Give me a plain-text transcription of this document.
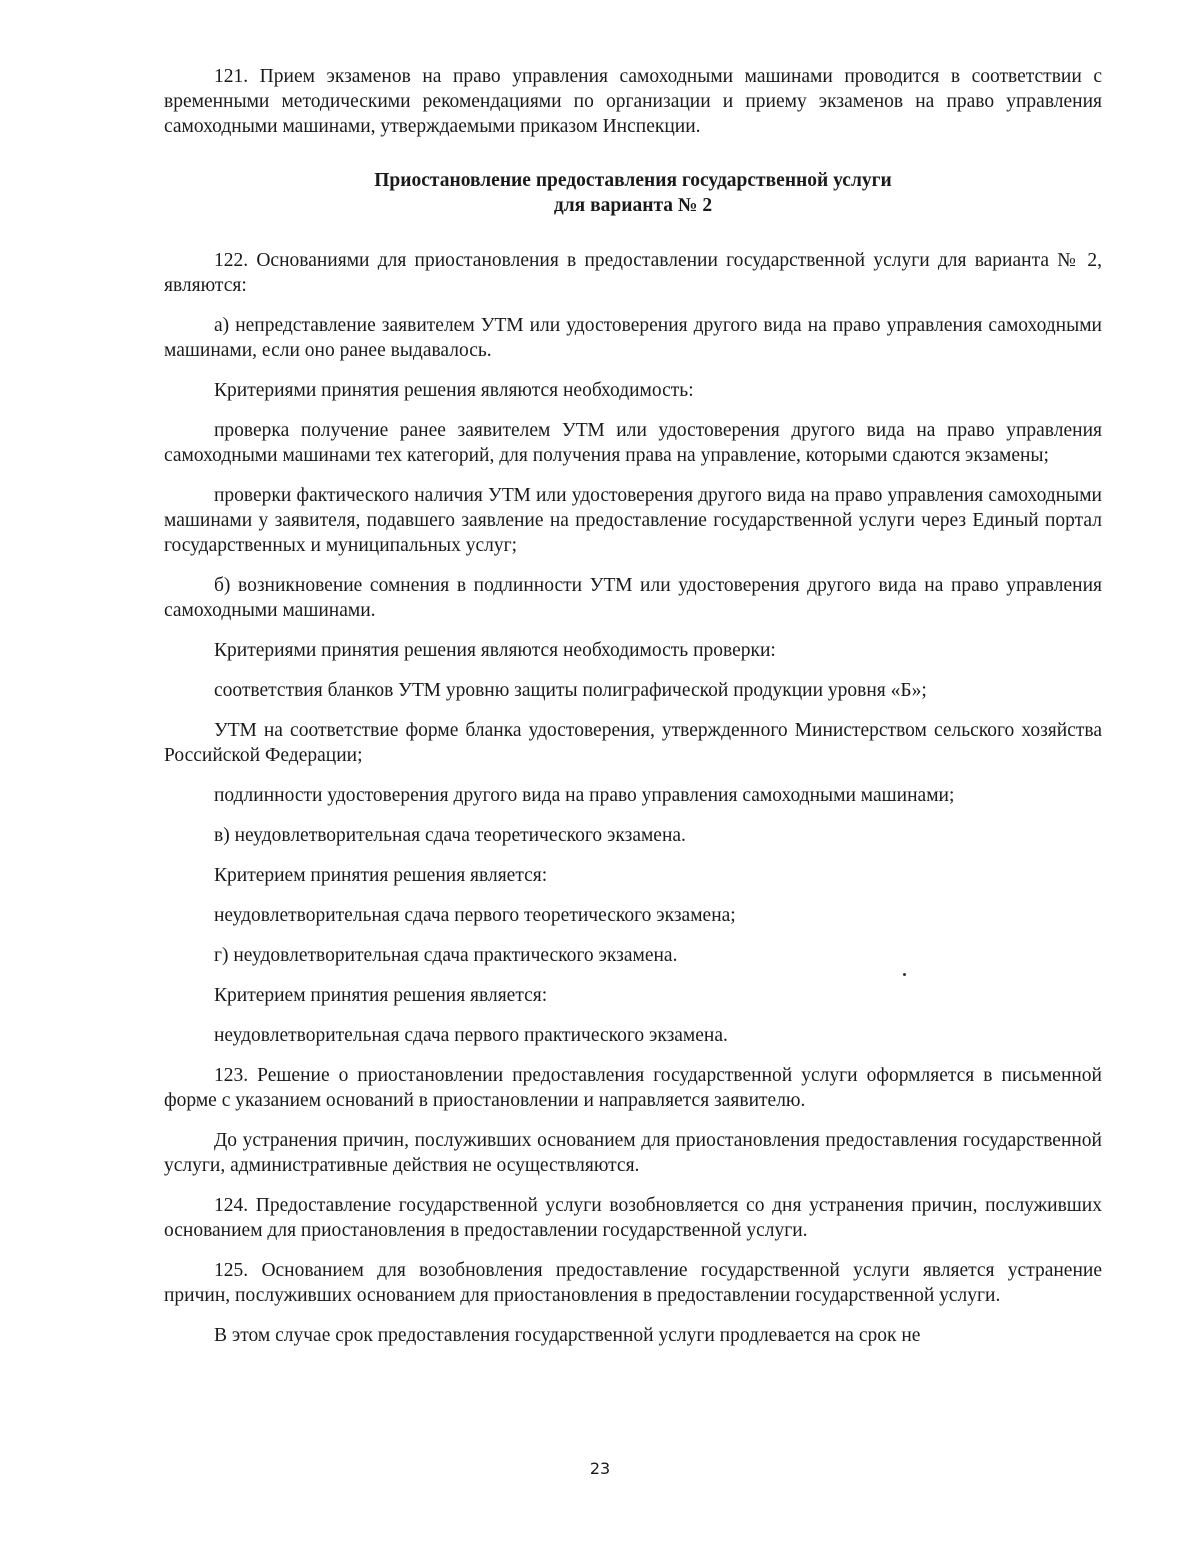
121. Прием экзаменов на право управления самоходными машинами проводится в соответствии с временными методическими рекомендациями по организации и приему экзаменов на право управления самоходными машинами, утверждаемыми приказом Инспекции.

Приостановление предоставления государственной услуги
для варианта № 2

122. Основаниями для приостановления в предоставлении государственной услуги для варианта № 2, являются:

а) непредставление заявителем УТМ или удостоверения другого вида на право управления самоходными машинами, если оно ранее выдавалось.

Критериями принятия решения являются необходимость:

проверка получение ранее заявителем УТМ или удостоверения другого вида на право управления самоходными машинами тех категорий, для получения права на управление, которыми сдаются экзамены;

проверки фактического наличия УТМ или удостоверения другого вида на право управления самоходными машинами у заявителя, подавшего заявление на предоставление государственной услуги через Единый портал государственных и муниципальных услуг;

б) возникновение сомнения в подлинности УТМ или удостоверения другого вида на право управления самоходными машинами.

Критериями принятия решения являются необходимость проверки:

соответствия бланков УТМ уровню защиты полиграфической продукции уровня «Б»;

УТМ на соответствие форме бланка удостоверения, утвержденного Министерством сельского хозяйства Российской Федерации;

подлинности удостоверения другого вида на право управления самоходными машинами;

в) неудовлетворительная сдача теоретического экзамена.

Критерием принятия решения является:

неудовлетворительная сдача первого теоретического экзамена;

г) неудовлетворительная сдача практического экзамена.

Критерием принятия решения является:

неудовлетворительная сдача первого практического экзамена.

123. Решение о приостановлении предоставления государственной услуги оформляется в письменной форме с указанием оснований в приостановлении и направляется заявителю.

До устранения причин, послуживших основанием для приостановления предоставления государственной услуги, административные действия не осуществляются.

124. Предоставление государственной услуги возобновляется со дня устранения причин, послуживших основанием для приостановления в предоставлении государственной услуги.

125. Основанием для возобновления предоставление государственной услуги является устранение причин, послуживших основанием для приостановления в предоставлении государственной услуги.

В этом случае срок предоставления государственной услуги продлевается на срок не

23
